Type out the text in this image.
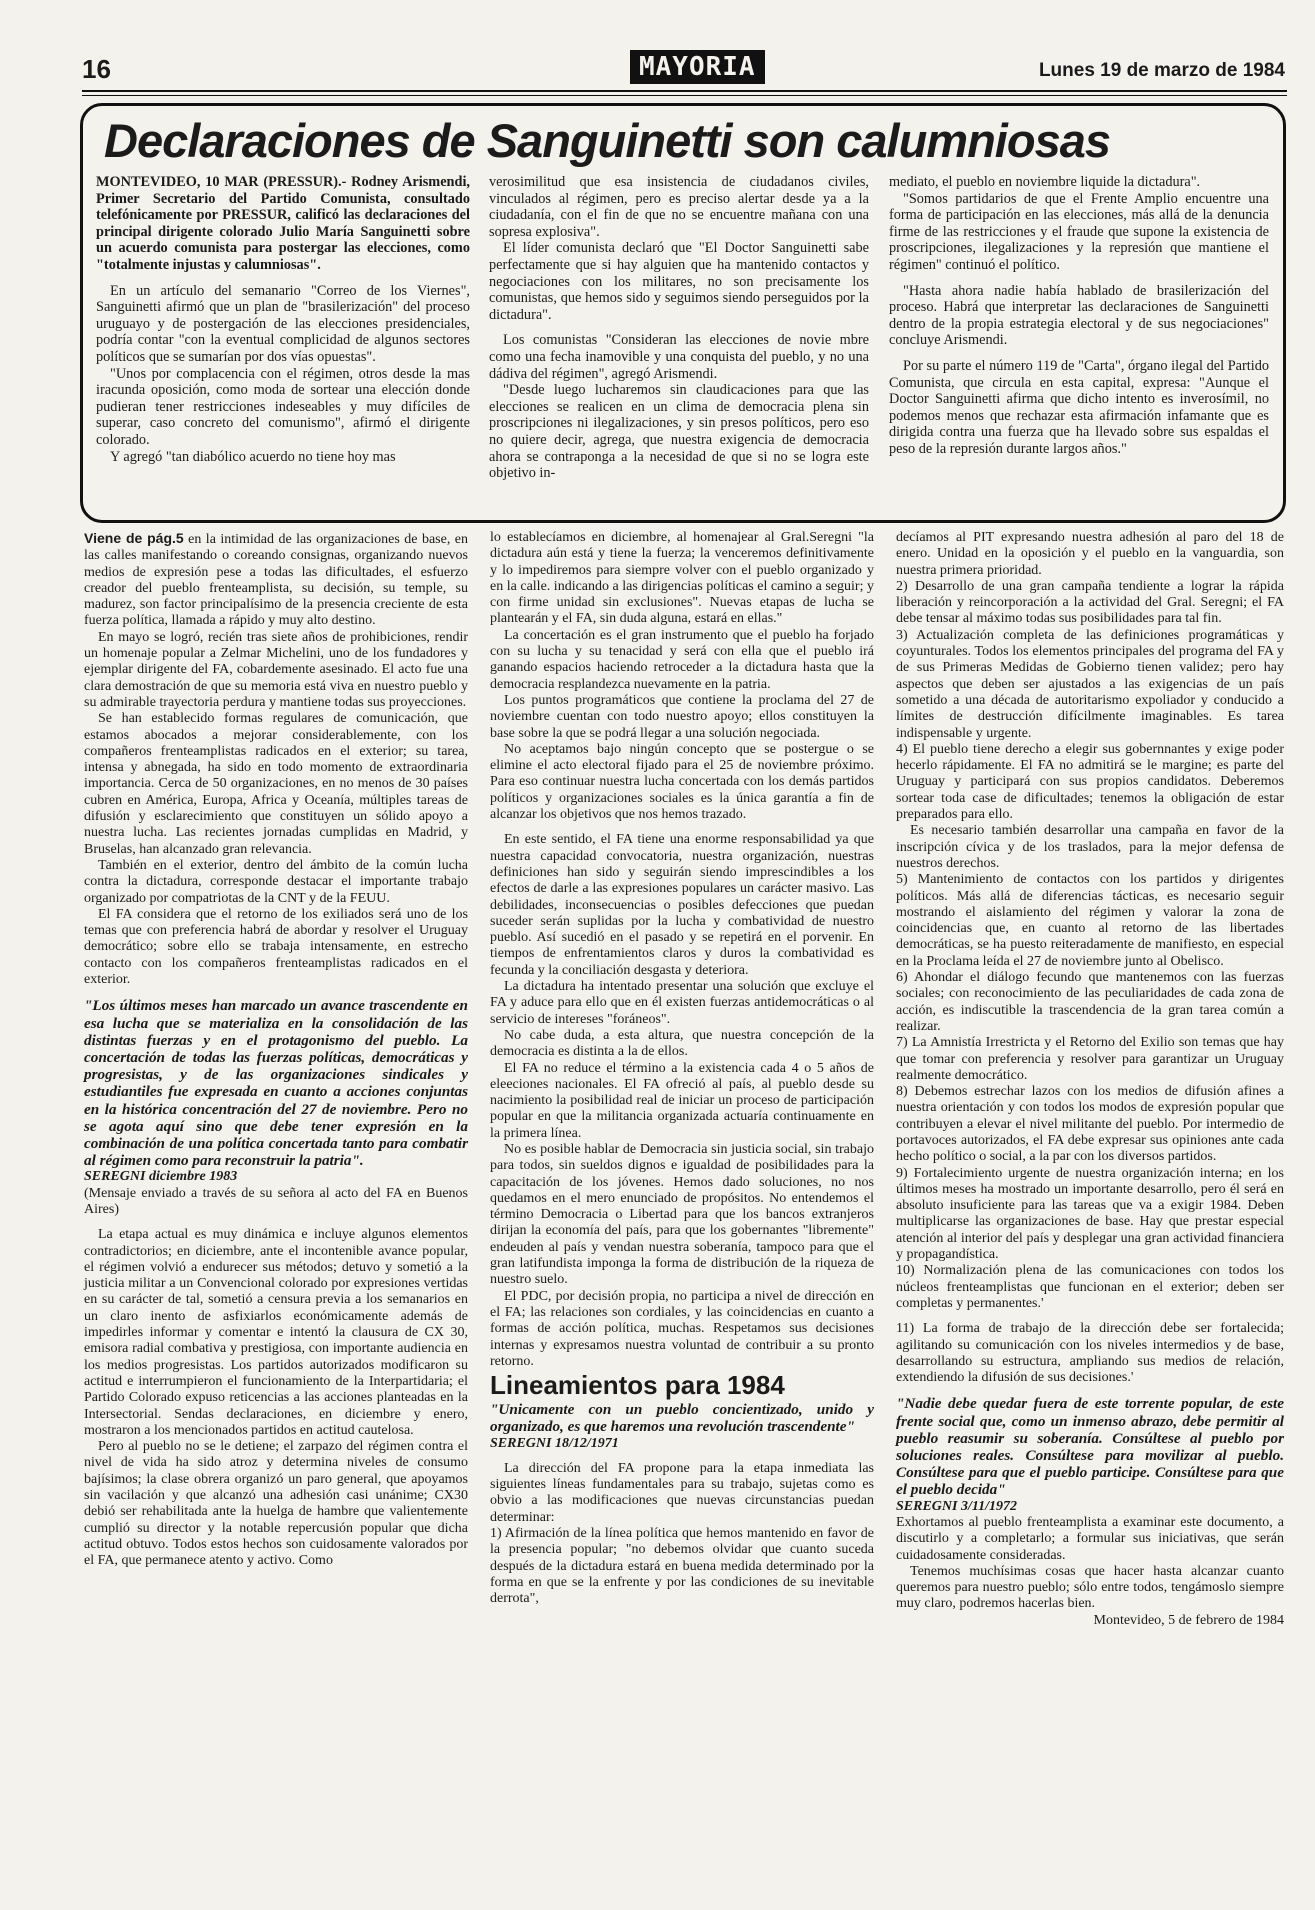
16	MAYORIA	Lunes 19 de marzo de 1984
Declaraciones de Sanguinetti son calumniosas

MONTEVIDEO, 10 MAR (PRESSUR).- Rodney Arismendi, Primer Secretario del Partido Comunista, consultado telefónicamente por PRESSUR, calificó las declaraciones del principal dirigente colorado Julio María Sanguinetti sobre un acuerdo comunista para postergar las elecciones, como "totalmente injustas y calumniosas".

En un artículo del semanario "Correo de los Viernes", Sanguinetti afirmó que un plan de "brasilerización" del proceso uruguayo y de postergación de las elecciones presidenciales, podría contar "con la eventual complicidad de algunos sectores políticos que se sumarían por dos vías opuestas".

"Unos por complacencia con el régimen, otros desde la mas iracunda oposición, como moda de sortear una elección donde pudieran tener restricciones indeseables y muy difíciles de superar, caso concreto del comunismo", afirmó el dirigente colorado.

Y agregó "tan diabólico acuerdo no tiene hoy mas

verosimilitud que esa insistencia de ciudadanos civiles, vinculados al régimen, pero es preciso alertar desde ya a la ciudadanía, con el fin de que no se encuentre mañana con una sopresa explosiva".

El líder comunista declaró que "El Doctor Sanguinetti sabe perfectamente que si hay alguien que ha mantenido contactos y negociaciones con los militares, no son precisamente los comunistas, que hemos sido y seguimos siendo perseguidos por la dictadura".

Los comunistas "Consideran las elecciones de novie mbre como una fecha inamovible y una conquista del pueblo, y no una dádiva del régimen", agregó Arismendi.

"Desde luego lucharemos sin claudicaciones para que las elecciones se realicen en un clima de democracia plena sin proscripciones ni ilegalizaciones, y sin presos políticos, pero eso no quiere decir, agrega, que nuestra exigencia de democracia ahora se contraponga a la necesidad de que si no se logra este objetivo in-

mediato, el pueblo en noviembre liquide la dictadura".

"Somos partidarios de que el Frente Amplio encuentre una forma de participación en las elecciones, más allá de la denuncia firme de las restricciones y el fraude que supone la existencia de proscripciones, ilegalizaciones y la represión que mantiene el régimen" continuó el político.

"Hasta ahora nadie había hablado de brasilerización del proceso. Habrá que interpretar las declaraciones de Sanguinetti dentro de la propia estrategia electoral y de sus negociaciones" concluye Arismendi.

Por su parte el número 119 de "Carta", órgano ilegal del Partido Comunista, que circula en esta capital, expresa: "Aunque el Doctor Sanguinetti afirma que dicho intento es inverosímil, no podemos menos que rechazar esta afirmación infamante que es dirigida contra una fuerza que ha llevado sobre sus espaldas el peso de la represión durante largos años."

Viene de pág.5 en la intimidad de las organizaciones de base, en las calles manifestando o coreando consignas, organizando nuevos medios de expresión pese a todas las dificultades, el esfuerzo creador del pueblo frenteamplista, su decisión, su temple, su madurez, son factor principalísimo de la presencia creciente de esta fuerza política, llamada a rápido y muy alto destino.

En mayo se logró, recién tras siete años de prohibiciones, rendir un homenaje popular a Zelmar Michelini, uno de los fundadores y ejemplar dirigente del FA, cobardemente asesinado. El acto fue una clara demostración de que su memoria está viva en nuestro pueblo y su admirable trayectoria perdura y mantiene todas sus proyecciones.

Se han establecido formas regulares de comunicación, que estamos abocados a mejorar considerablemente, con los compañeros frenteamplistas radicados en el exterior; su tarea, intensa y abnegada, ha sido en todo momento de extraordinaria importancia. Cerca de 50 organizaciones, en no menos de 30 países cubren en América, Europa, Africa y Oceanía, múltiples tareas de difusión y esclarecimiento que constituyen un sólido apoyo a nuestra lucha. Las recientes jornadas cumplidas en Madrid, y Bruselas, han alcanzado gran relevancia.

También en el exterior, dentro del ámbito de la común lucha contra la dictadura, corresponde destacar el importante trabajo organizado por compatriotas de la CNT y de la FEUU.

El FA considera que el retorno de los exiliados será uno de los temas que con preferencia habrá de abordar y resolver el Uruguay democrático; sobre ello se trabaja intensamente, en estrecho contacto con los compañeros frenteamplistas radicados en el exterior.

"Los últimos meses han marcado un avance trascendente en esa lucha que se materializa en la consolidación de las distintas fuerzas y en el protagonismo del pueblo. La concertación de todas las fuerzas políticas, democráticas y progresistas, y de las organizaciones sindicales y estudiantiles fue expresada en cuanto a acciones conjuntas en la histórica concentración del 27 de noviembre. Pero no se agota aquí sino que debe tener expresión en la combinación de una política concertada tanto para combatir al régimen como para reconstruir la patria".

SEREGNI diciembre 1983

(Mensaje enviado a través de su señora al acto del FA en Buenos Aires)

La etapa actual es muy dinámica e incluye algunos elementos contradictorios; en diciembre, ante el incontenible avance popular, el régimen volvió a endurecer sus métodos; detuvo y sometió a la justicia militar a un Convencional colorado por expresiones vertidas en su carácter de tal, sometió a censura previa a los semanarios en un claro inento de asfixiarlos económicamente además de impedirles informar y comentar e intentó la clausura de CX 30, emisora radial combativa y prestigiosa, con importante audiencia en los medios progresistas. Los partidos autorizados modificaron su actitud e interrumpieron el funcionamiento de la Interpartidaria; el Partido Colorado expuso reticencias a las acciones planteadas en la Intersectorial. Sendas declaraciones, en diciembre y enero, mostraron a los mencionados partidos en actitud cautelosa.

Pero al pueblo no se le detiene; el zarpazo del régimen contra el nivel de vida ha sido atroz y determina niveles de consumo bajísimos; la clase obrera organizó un paro general, que apoyamos sin vacilación y que alcanzó una adhesión casi unánime; CX30 debió ser rehabilitada ante la huelga de hambre que valientemente cumplió su director y la notable repercusión popular que dicha actitud obtuvo. Todos estos hechos son cuidosamente valorados por el FA, que permanece atento y activo. Como

lo establecíamos en diciembre, al homenajear al Gral.Seregni "la dictadura aún está y tiene la fuerza; la venceremos definitivamente y lo impediremos para siempre volver con el pueblo organizado y en la calle. indicando a las dirigencias políticas el camino a seguir; y con firme unidad sin exclusiones". Nuevas etapas de lucha se plantearán y el FA, sin duda alguna, estará en ellas."

La concertación es el gran instrumento que el pueblo ha forjado con su lucha y su tenacidad y será con ella que el pueblo irá ganando espacios haciendo retroceder a la dictadura hasta que la democracia resplandezca nuevamente en la patria.

Los puntos programáticos que contiene la proclama del 27 de noviembre cuentan con todo nuestro apoyo; ellos constituyen la base sobre la que se podrá llegar a una solución negociada.

No aceptamos bajo ningún concepto que se postergue o se elimine el acto electoral fijado para el 25 de noviembre próximo. Para eso continuar nuestra lucha concertada con los demás partidos políticos y organizaciones sociales es la única garantía a fin de alcanzar los objetivos que nos hemos trazado.

En este sentido, el FA tiene una enorme responsabilidad ya que nuestra capacidad convocatoria, nuestra organización, nuestras definiciones han sido y seguirán siendo imprescindibles a los efectos de darle a las expresiones populares un carácter masivo. Las debilidades, inconsecuencias o posibles defecciones que puedan suceder serán suplidas por la lucha y combatividad de nuestro pueblo. Así sucedió en el pasado y se repetirá en el porvenir. En tiempos de enfrentamientos claros y duros la combatividad es fecunda y la conciliación desgasta y deteriora.

La dictadura ha intentado presentar una solución que excluye el FA y aduce para ello que en él existen fuerzas antidemocráticas o al servicio de intereses "foráneos".

No cabe duda, a esta altura, que nuestra concepción de la democracia es distinta a la de ellos.

El FA no reduce el término a la existencia cada 4 o 5 años de eleeciones nacionales. El FA ofreció al país, al pueblo desde su nacimiento la posibilidad real de iniciar un proceso de participación popular en que la militancia organizada actuaría continuamente en la primera línea.

No es posible hablar de Democracia sin justicia social, sin trabajo para todos, sin sueldos dignos e igualdad de posibilidades para la capacitación de los jóvenes. Hemos dado soluciones, no nos quedamos en el mero enunciado de propósitos. No entendemos el término Democracia o Libertad para que los bancos extranjeros dirijan la economía del país, para que los gobernantes "libremente" endeuden al país y vendan nuestra soberanía, tampoco para que el gran latifundista imponga la forma de distribución de la riqueza de nuestro suelo.

El PDC, por decisión propia, no participa a nivel de dirección en el FA; las relaciones son cordiales, y las coincidencias en cuanto a formas de acción política, muchas. Respetamos sus decisiones internas y expresamos nuestra voluntad de contribuir a su pronto retorno.

Lineamientos para 1984

"Unicamente con un pueblo concientizado, unido y organizado, es que haremos una revolución trascendente"

SEREGNI 18/12/1971

La dirección del FA propone para la etapa inmediata las siguientes líneas fundamentales para su trabajo, sujetas como es obvio a las modificaciones que nuevas circunstancias puedan determinar:

1) Afirmación de la línea política que hemos mantenido en favor de la presencia popular; "no debemos olvidar que cuanto suceda después de la dictadura estará en buena medida determinado por la forma en que se la enfrente y por las condiciones de su inevitable derrota",

decíamos al PIT expresando nuestra adhesión al paro del 18 de enero. Unidad en la oposición y el pueblo en la vanguardia, son nuestra primera prioridad.

2) Desarrollo de una gran campaña tendiente a lograr la rápida liberación y reincorporación a la actividad del Gral. Seregni; el FA debe tensar al máximo todas sus posibilidades para tal fin.

3) Actualización completa de las definiciones programáticas y coyunturales. Todos los elementos principales del programa del FA y de sus Primeras Medidas de Gobierno tienen validez; pero hay aspectos que deben ser ajustados a las exigencias de un país sometido a una década de autoritarismo expoliador y conducido a límites de destrucción difícilmente imaginables. Es tarea indispensable y urgente.

4) El pueblo tiene derecho a elegir sus gobernnantes y exige poder hecerlo rápidamente. El FA no admitirá se le margine; es parte del Uruguay y participará con sus propios candidatos. Deberemos sortear toda case de dificultades; tenemos la obligación de estar preparados para ello.

Es necesario también desarrollar una campaña en favor de la inscripción cívica y de los traslados, para la mejor defensa de nuestros derechos.

5) Mantenimiento de contactos con los partidos y dirigentes políticos. Más allá de diferencias tácticas, es necesario seguir mostrando el aislamiento del régimen y valorar la zona de coincidencias que, en cuanto al retorno de las libertades democráticas, se ha puesto reiteradamente de manifiesto, en especial en la Proclama leída el 27 de noviembre junto al Obelisco.

6) Ahondar el diálogo fecundo que mantenemos con las fuerzas sociales; con reconocimiento de las peculiaridades de cada zona de acción, es indiscutible la trascendencia de la gran tarea común a realizar.

7) La Amnistía Irrestricta y el Retorno del Exilio son temas que hay que tomar con preferencia y resolver para garantizar un Uruguay realmente democrático.

8) Debemos estrechar lazos con los medios de difusión afines a nuestra orientación y con todos los modos de expresión popular que contribuyen a elevar el nivel militante del pueblo. Por intermedio de portavoces autorizados, el FA debe expresar sus opiniones ante cada hecho político o social, a la par con los diversos partidos.

9) Fortalecimiento urgente de nuestra organización interna; en los últimos meses ha mostrado un importante desarrollo, pero él será en absoluto insuficiente para las tareas que va a exigir 1984. Deben multiplicarse las organizaciones de base. Hay que prestar especial atención al interior del país y desplegar una gran actividad financiera y propagandística.

10) Normalización plena de las comunicaciones con todos los núcleos frenteamplistas que funcionan en el exterior; deben ser completas y permanentes.'

11) La forma de trabajo de la dirección debe ser fortalecida; agilitando su comunicación con los niveles intermedios y de base, desarrollando su estructura, ampliando sus medios de relación, extendiendo la difusión de sus decisiones.'

"Nadie debe quedar fuera de este torrente popular, de este frente social que, como un inmenso abrazo, debe permitir al pueblo reasumir su soberanía. Consúltese al pueblo por soluciones reales. Consúltese para movilizar al pueblo. Consúltese para que el pueblo participe. Consúltese para que el pueblo decida"

SEREGNI 3/11/1972

Exhortamos al pueblo frenteamplista a examinar este documento, a discutirlo y a completarlo; a formular sus iniciativas, que serán cuidadosamente consideradas.

Tenemos muchísimas cosas que hacer hasta alcanzar cuanto queremos para nuestro pueblo; sólo entre todos, tengámoslo siempre muy claro, podremos hacerlas bien.

Montevideo, 5 de febrero de 1984
